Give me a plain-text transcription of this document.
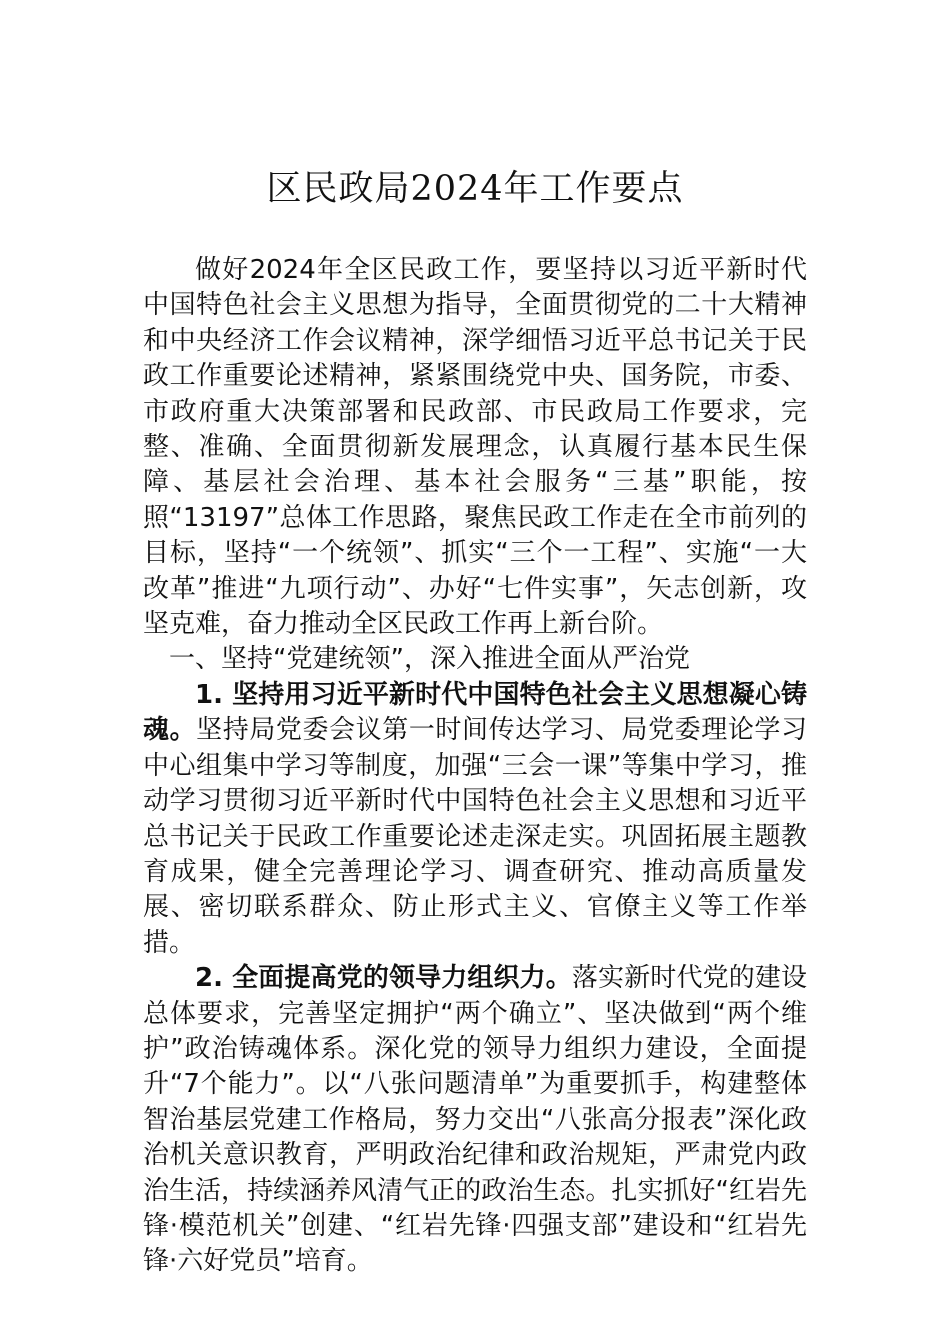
区民政局2024年工作要点

做好2024年全区民政工作，要坚持以习近平新时代中国特色社会主义思想为指导，全面贯彻党的二十大精神和中央经济工作会议精神，深学细悟习近平总书记关于民政工作重要论述精神，紧紧围绕党中央、国务院，市委、市政府重大决策部署和民政部、市民政局工作要求，完整、准确、全面贯彻新发展理念，认真履行基本民生保障、基层社会治理、基本社会服务“三基”职能，按照“13197”总体工作思路，聚焦民政工作走在全市前列的目标，坚持“一个统领”、抓实“三个一工程”、实施“一大改革”推进“九项行动”、办好“七件实事”，矢志创新，攻坚克难，奋力推动全区民政工作再上新台阶。

一、坚持“党建统领”，深入推进全面从严治党

1. 坚持用习近平新时代中国特色社会主义思想凝心铸魂。坚持局党委会议第一时间传达学习、局党委理论学习中心组集中学习等制度，加强“三会一课”等集中学习，推动学习贯彻习近平新时代中国特色社会主义思想和习近平总书记关于民政工作重要论述走深走实。巩固拓展主题教育成果，健全完善理论学习、调查研究、推动高质量发展、密切联系群众、防止形式主义、官僚主义等工作举措。

2. 全面提高党的领导力组织力。落实新时代党的建设总体要求，完善坚定拥护“两个确立”、坚决做到“两个维护”政治铸魂体系。深化党的领导力组织力建设，全面提升“7个能力”。以“八张问题清单”为重要抓手，构建整体智治基层党建工作格局，努力交出“八张高分报表”深化政治机关意识教育，严明政治纪律和政治规矩，严肃党内政治生活，持续涵养风清气正的政治生态。扎实抓好“红岩先锋·模范机关”创建、“红岩先锋·四强支部”建设和“红岩先锋·六好党员”培育。
